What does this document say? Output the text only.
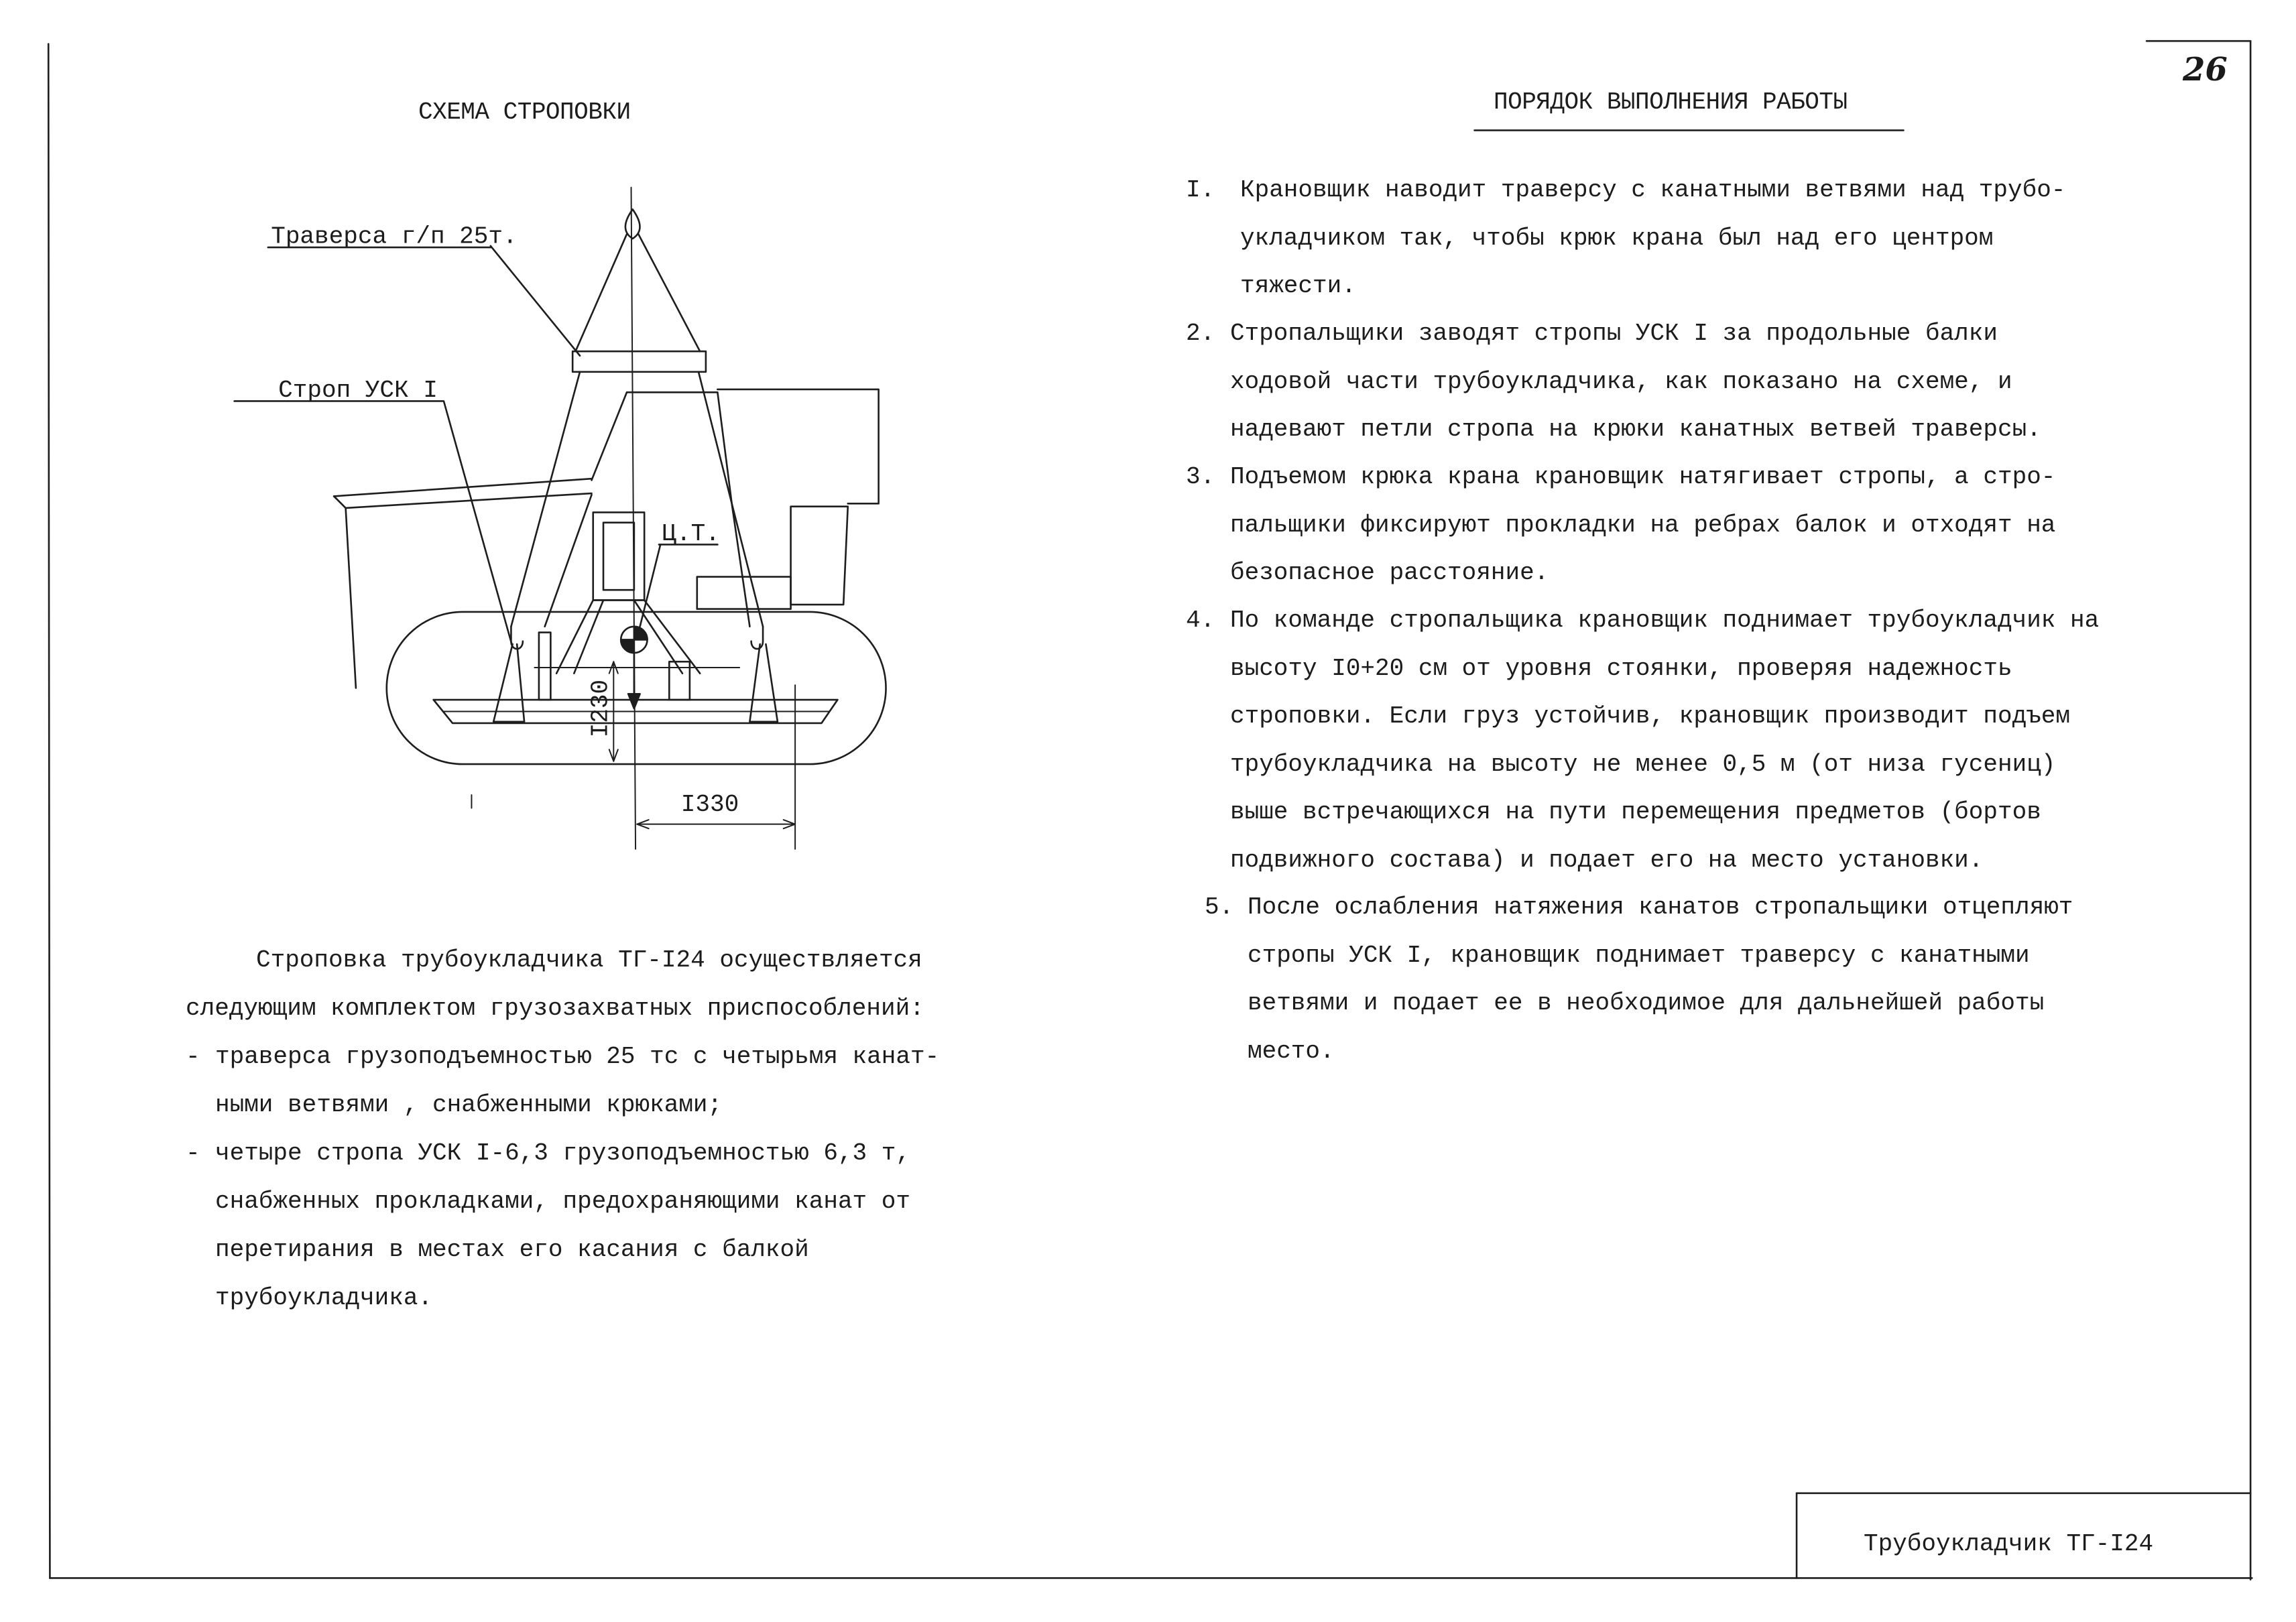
Траверса г/п 25т.
Строп УСК I
Ц.Т.
I230
I330
26
СХЕМА СТРОПОВКИ	ПОРЯДОК ВЫПОЛНЕНИЯ РАБОТЫ
Строповка трубоукладчика ТГ-I24 осуществляется
следующим комплектом грузозахватных приспособлений:
- траверса грузоподъемностью 25 тс с четырьмя канат-
ными ветвями , снабженными крюками;
- четыре стропа УСК I-6,3 грузоподъемностью 6,3 т,
снабженных прокладками, предохраняющими канат от
перетирания в местах его касания с балкой
трубоукладчика.
I. Крановщик наводит траверсу с канатными ветвями над трубо-
укладчиком так, чтобы крюк крана был над его центром
тяжести.
2. Стропальщики заводят стропы УСК I за продольные балки
ходовой части трубоукладчика, как показано на схеме, и
надевают петли стропа на крюки канатных ветвей траверсы.
3. Подъемом крюка крана крановщик натягивает стропы, а стро-
пальщики фиксируют прокладки на ребрах балок и отходят на
безопасное расстояние.
4. По команде стропальщика крановщик поднимает трубоукладчик на
высоту I0+20 см от уровня стоянки, проверяя надежность
строповки. Если груз устойчив, крановщик производит подъем
трубоукладчика на высоту не менее 0,5 м (от низа гусениц)
выше встречающихся на пути перемещения предметов (бортов
подвижного состава) и подает его на место установки.
5. После ослабления натяжения канатов стропальщики отцепляют
стропы УСК I, крановщик поднимает траверсу с канатными
ветвями и подает ее в необходимое для дальнейшей работы
место.
Трубоукладчик ТГ-I24
